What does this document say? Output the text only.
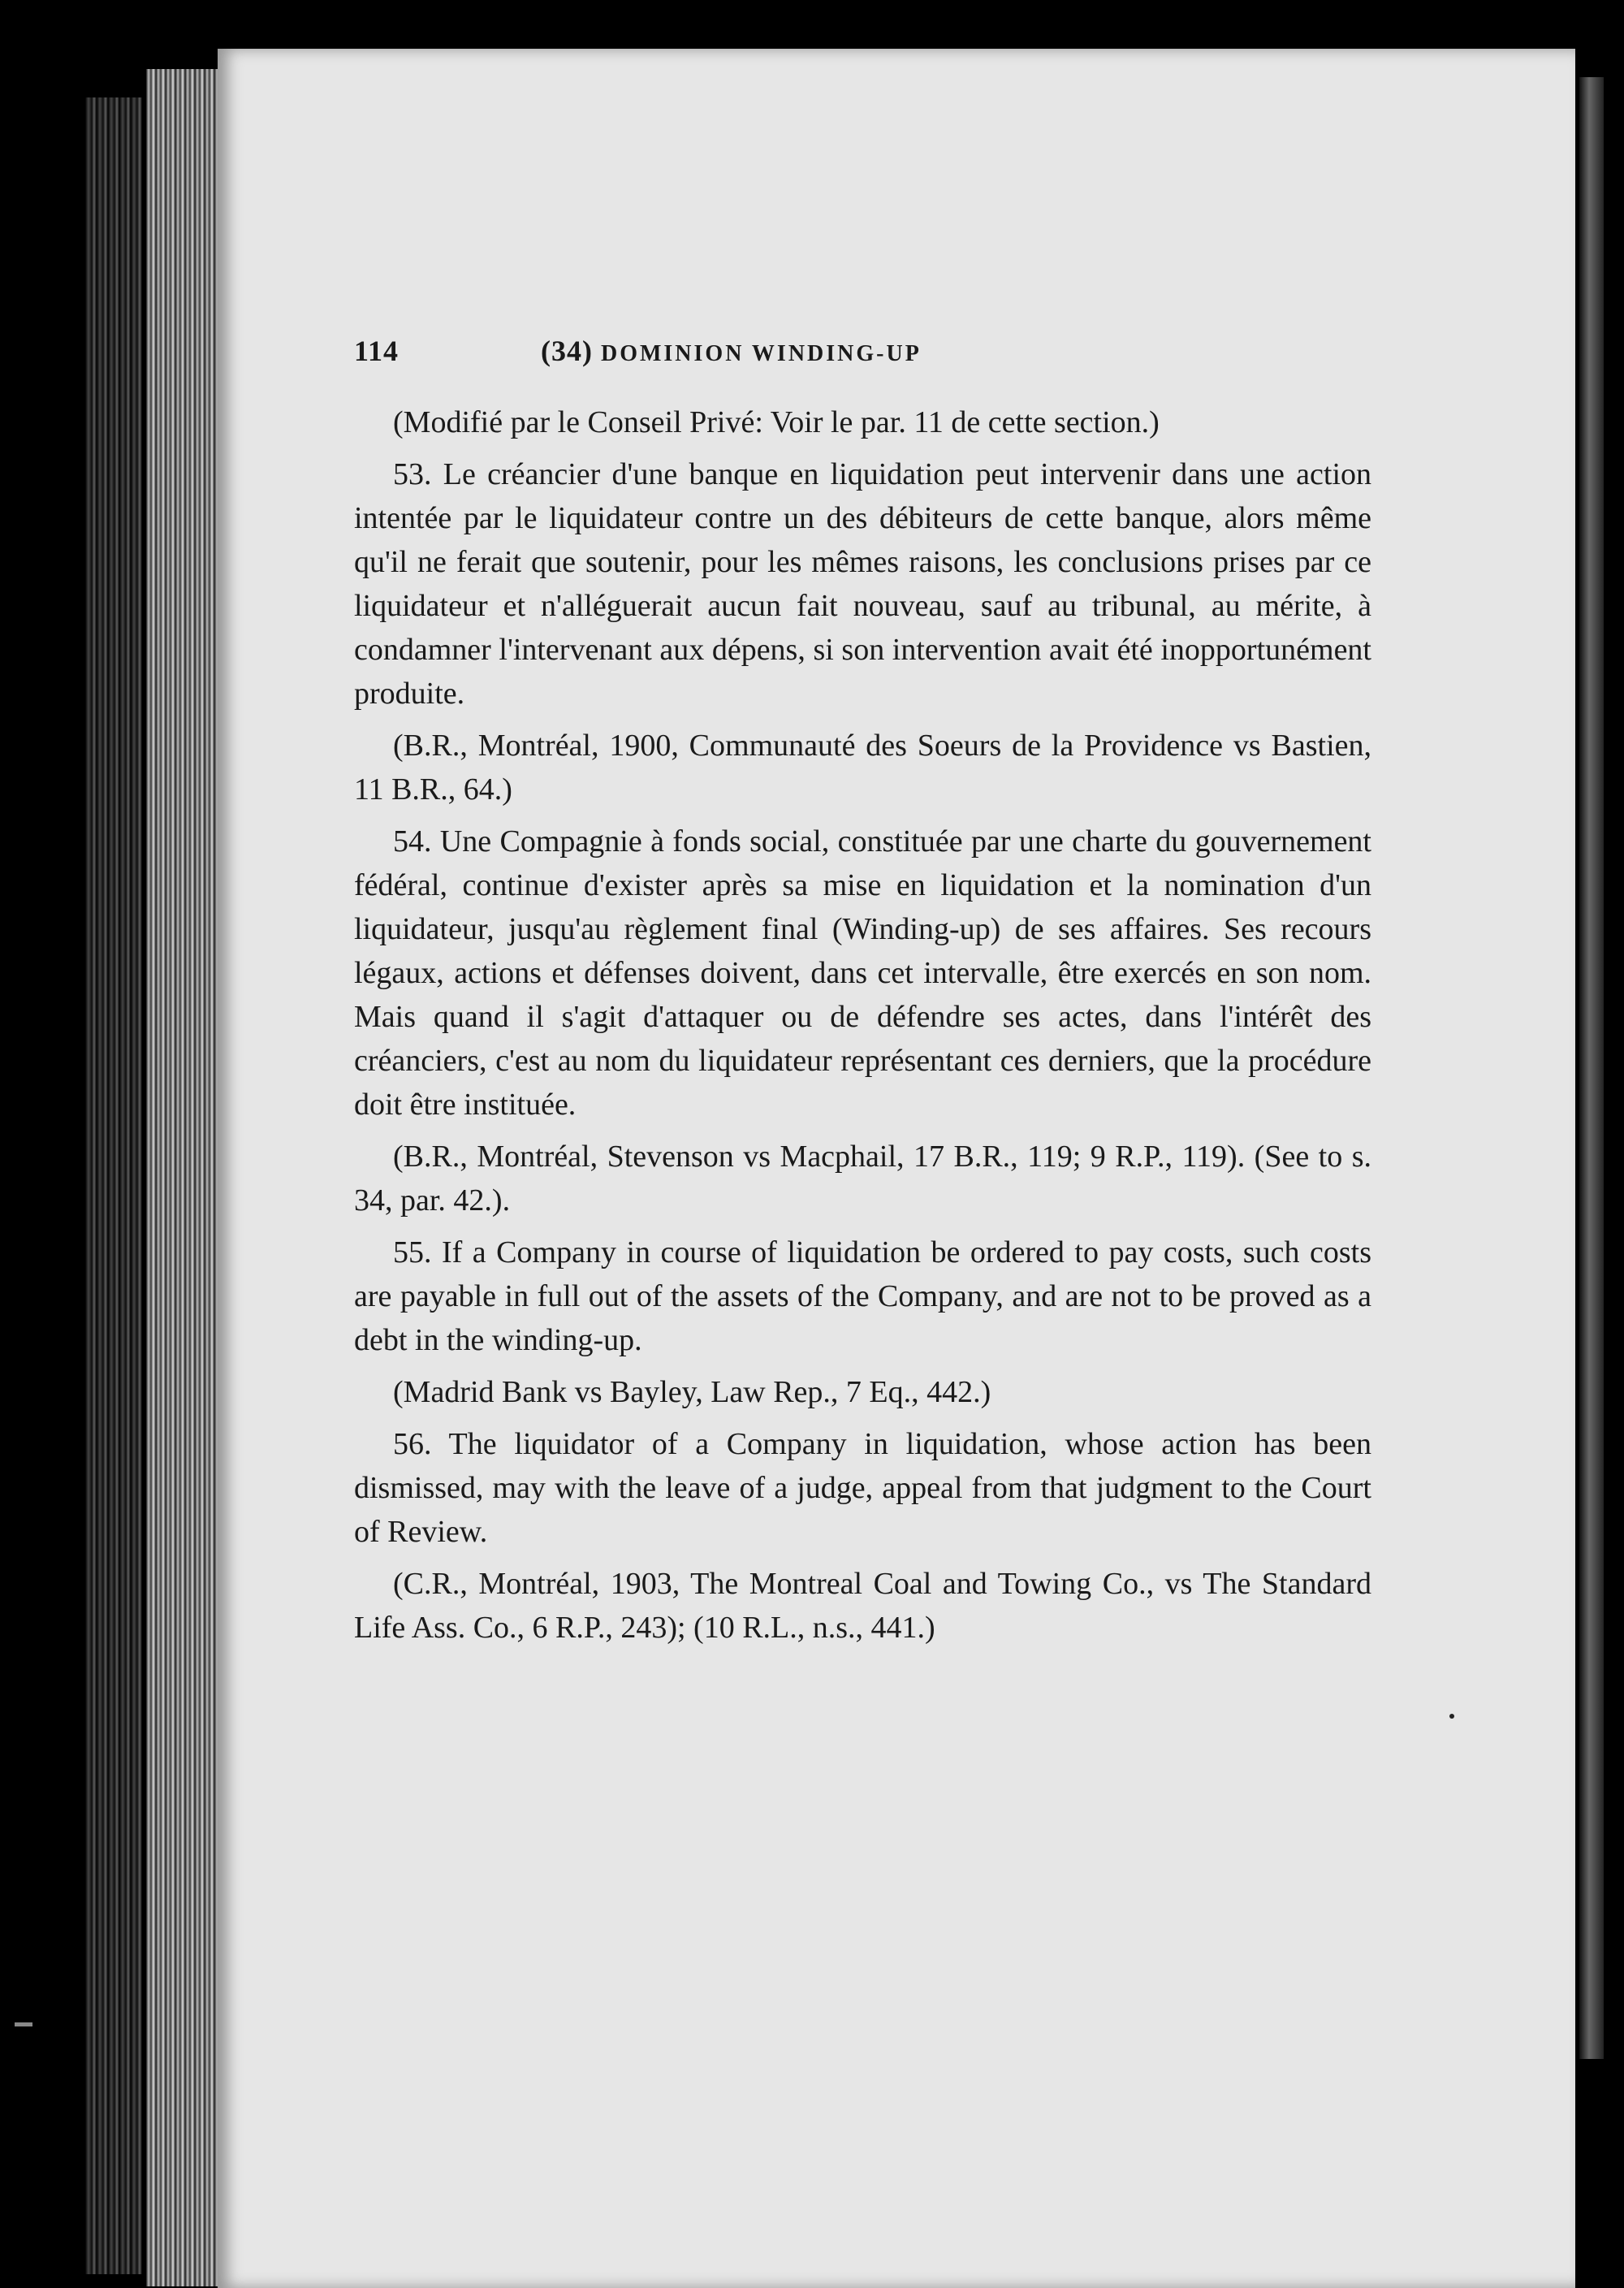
114	(34) DOMINION WINDING-UP

(Modifié par le Conseil Privé: Voir le par. 11 de cette section.)

53. Le créancier d'une banque en liquidation peut intervenir dans une action intentée par le liquidateur contre un des débiteurs de cette banque, alors même qu'il ne ferait que soutenir, pour les mêmes raisons, les conclusions prises par ce liquidateur et n'alléguerait aucun fait nouveau, sauf au tribunal, au mérite, à condamner l'intervenant aux dépens, si son intervention avait été inopportunément produite.

(B.R., Montréal, 1900, Communauté des Soeurs de la Providence vs Bastien, 11 B.R., 64.)

54. Une Compagnie à fonds social, constituée par une charte du gouvernement fédéral, continue d'exister après sa mise en liquidation et la nomination d'un liquidateur, jusqu'au règlement final (Winding-up) de ses affaires. Ses recours légaux, actions et défenses doivent, dans cet intervalle, être exercés en son nom. Mais quand il s'agit d'attaquer ou de défendre ses actes, dans l'intérêt des créanciers, c'est au nom du liquidateur représentant ces derniers, que la procédure doit être instituée.

(B.R., Montréal, Stevenson vs Macphail, 17 B.R., 119; 9 R.P., 119). (See to s. 34, par. 42.).

55. If a Company in course of liquidation be ordered to pay costs, such costs are payable in full out of the assets of the Company, and are not to be proved as a debt in the winding-up.

(Madrid Bank vs Bayley, Law Rep., 7 Eq., 442.)

56. The liquidator of a Company in liquidation, whose action has been dismissed, may with the leave of a judge, appeal from that judgment to the Court of Review.

(C.R., Montréal, 1903, The Montreal Coal and Towing Co., vs The Standard Life Ass. Co., 6 R.P., 243); (10 R.L., n.s., 441.)
